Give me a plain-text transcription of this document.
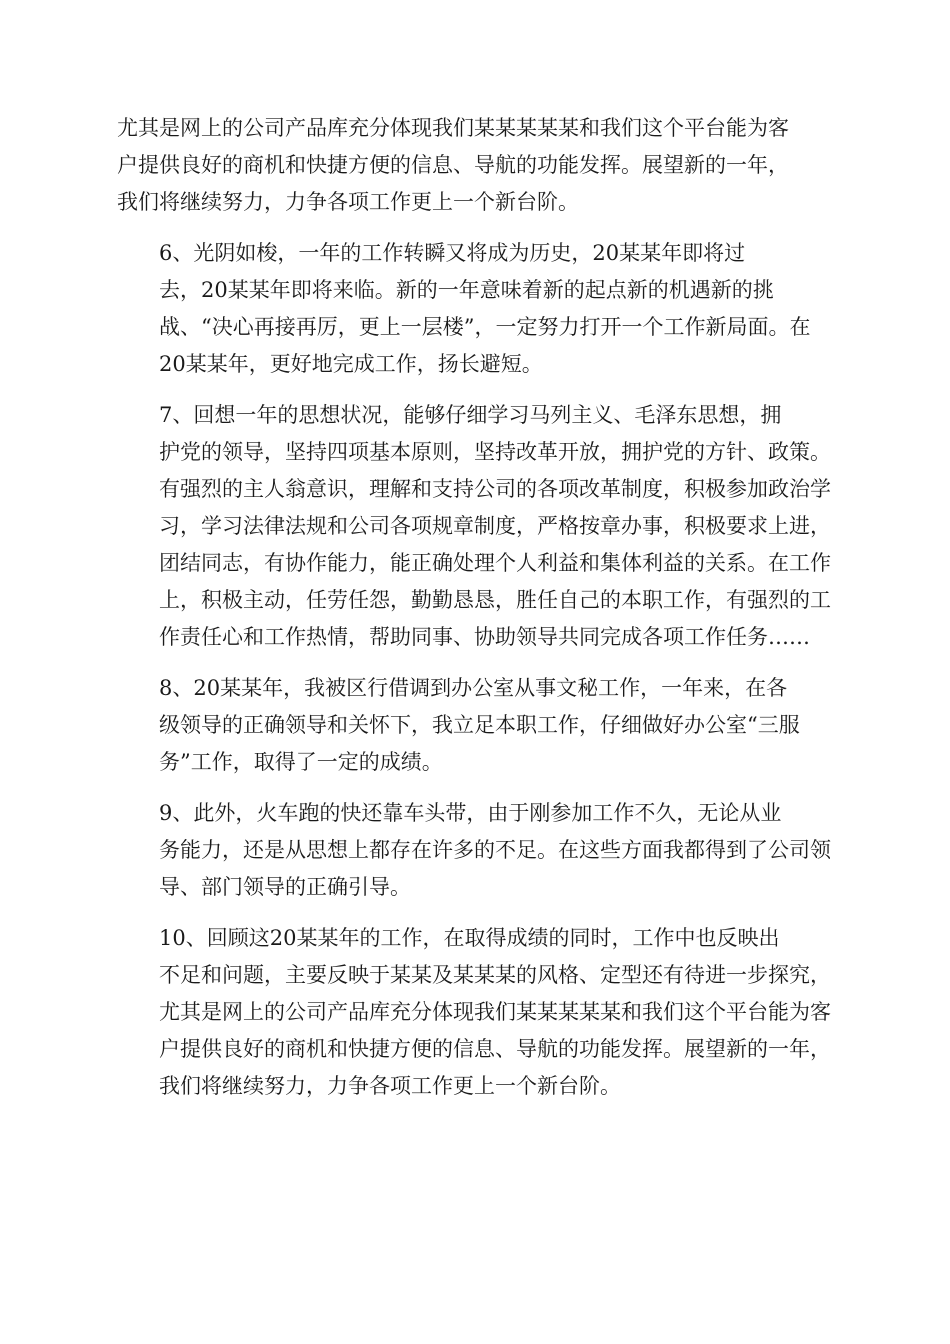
尤其是网上的公司产品库充分体现我们某某某某某和我们这个平台能为客
户提供良好的商机和快捷方便的信息、导航的功能发挥。展望新的一年，
我们将继续努力，力争各项工作更上一个新台阶。

6、光阴如梭，一年的工作转瞬又将成为历史，20某某年即将过
去，20某某年即将来临。新的一年意味着新的起点新的机遇新的挑
战、“决心再接再厉，更上一层楼”，一定努力打开一个工作新局面。在
20某某年，更好地完成工作，扬长避短。

7、回想一年的思想状况，能够仔细学习马列主义、毛泽东思想，拥
护党的领导，坚持四项基本原则，坚持改革开放，拥护党的方针、政策。
有强烈的主人翁意识，理解和支持公司的各项改革制度，积极参加政治学
习，学习法律法规和公司各项规章制度，严格按章办事，积极要求上进，
团结同志，有协作能力，能正确处理个人利益和集体利益的关系。在工作
上，积极主动，任劳任怨，勤勤恳恳，胜任自己的本职工作，有强烈的工
作责任心和工作热情，帮助同事、协助领导共同完成各项工作任务……

8、20某某年，我被区行借调到办公室从事文秘工作，一年来，在各
级领导的正确领导和关怀下，我立足本职工作，仔细做好办公室“三服
务”工作，取得了一定的成绩。

9、此外，火车跑的快还靠车头带，由于刚参加工作不久，无论从业
务能力，还是从思想上都存在许多的不足。在这些方面我都得到了公司领
导、部门领导的正确引导。

10、回顾这20某某年的工作，在取得成绩的同时，工作中也反映出
不足和问题，主要反映于某某及某某某的风格、定型还有待进一步探究，
尤其是网上的公司产品库充分体现我们某某某某某和我们这个平台能为客
户提供良好的商机和快捷方便的信息、导航的功能发挥。展望新的一年，
我们将继续努力，力争各项工作更上一个新台阶。
